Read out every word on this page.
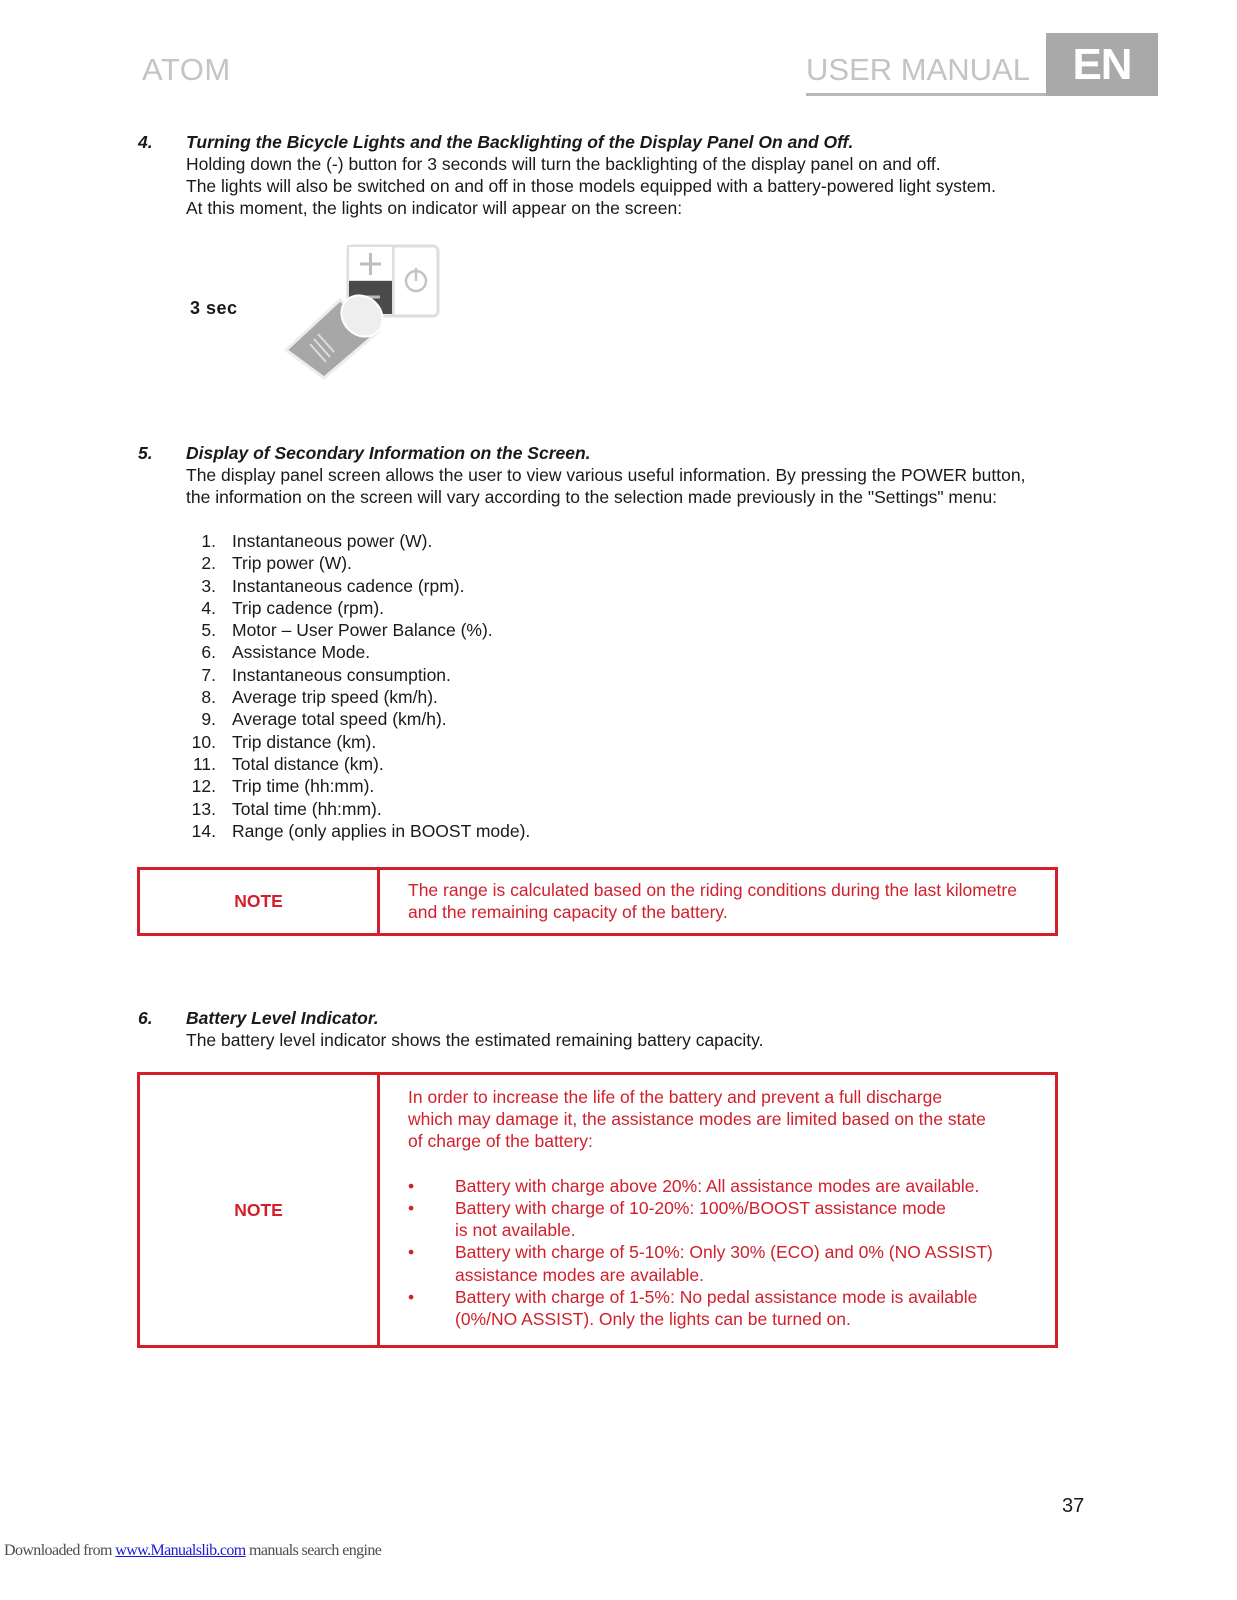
ATOM	USER MANUAL EN
4. Turning the Bicycle Lights and the Backlighting of the Display Panel On and Off.
Holding down the (-) button for 3 seconds will turn the backlighting of the display panel on and off.
The lights will also be switched on and off in those models equipped with a battery-powered light system.
At this moment, the lights on indicator will appear on the screen:
3 sec
5. Display of Secondary Information on the Screen.
The display panel screen allows the user to view various useful information. By pressing the POWER button,
the information on the screen will vary according to the selection made previously in the "Settings" menu:
1. Instantaneous power (W).
2. Trip power (W).
3. Instantaneous cadence (rpm).
4. Trip cadence (rpm).
5. Motor – User Power Balance (%).
6. Assistance Mode.
7. Instantaneous consumption.
8. Average trip speed (km/h).
9. Average total speed (km/h).
10. Trip distance (km).
11. Total distance (km).
12. Trip time (hh:mm).
13. Total time (hh:mm).
14. Range (only applies in BOOST mode).
NOTE
The range is calculated based on the riding conditions during the last kilometre
and the remaining capacity of the battery.
6. Battery Level Indicator.
The battery level indicator shows the estimated remaining battery capacity.
NOTE
In order to increase the life of the battery and prevent a full discharge
which may damage it, the assistance modes are limited based on the state
of charge of the battery:
•	Battery with charge above 20%: All assistance modes are available.
•	Battery with charge of 10-20%: 100%/BOOST assistance mode
is not available.
•	Battery with charge of 5-10%: Only 30% (ECO) and 0% (NO ASSIST)
assistance modes are available.
•	Battery with charge of 1-5%: No pedal assistance mode is available
(0%/NO ASSIST). Only the lights can be turned on.
37
Downloaded from www.Manualslib.com manuals search engine
